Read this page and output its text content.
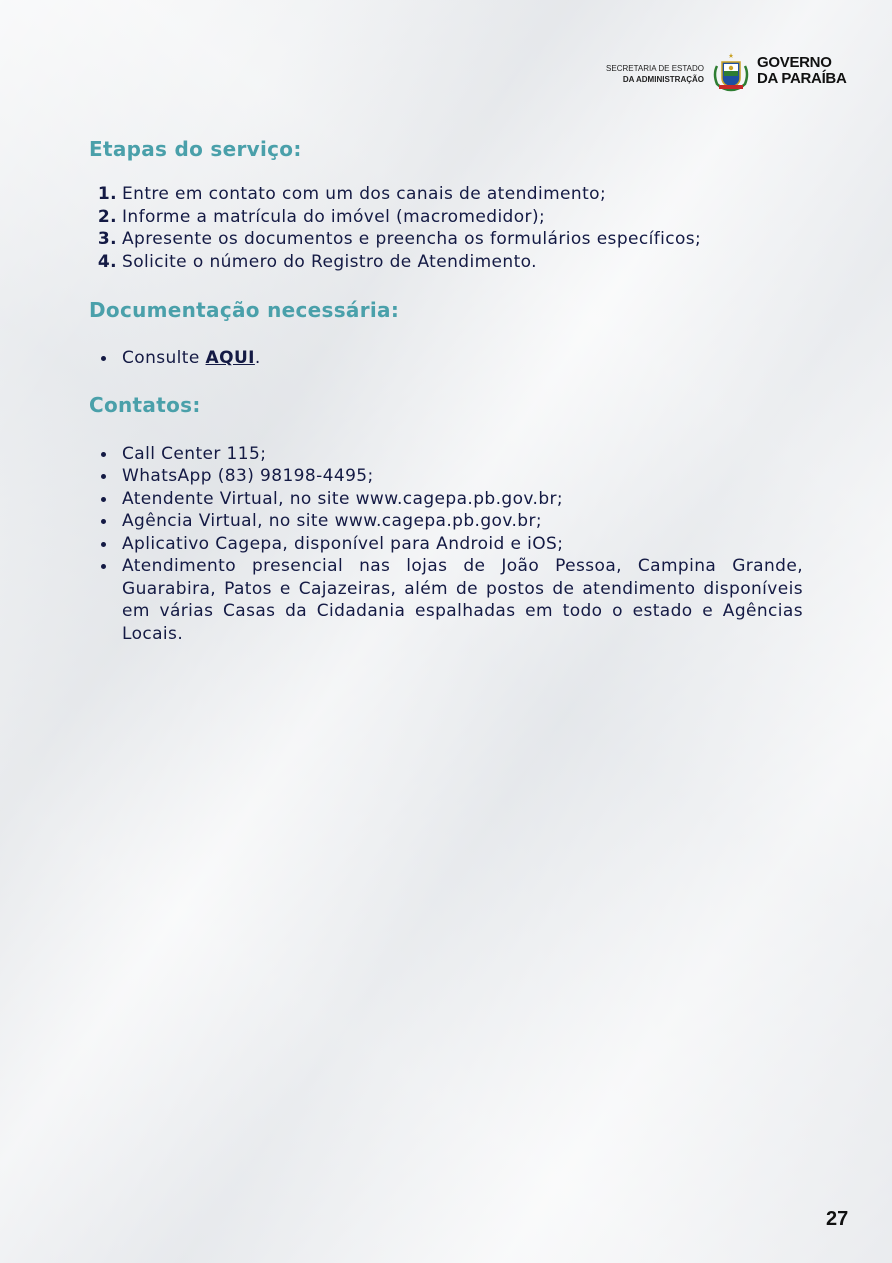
SECRETARIA DE ESTADO
DA ADMINISTRAÇÃO
GOVERNO
DA PARAÍBA
Etapas do serviço:
1. Entre em contato com um dos canais de atendimento;
2. Informe a matrícula do imóvel (macromedidor);
3. Apresente os documentos e preencha os formulários específicos;
4. Solicite o número do Registro de Atendimento.
Documentação necessária:
Consulte AQUI.
Contatos:
Call Center 115;
WhatsApp (83) 98198-4495;
Atendente Virtual, no site www.cagepa.pb.gov.br;
Agência Virtual, no site www.cagepa.pb.gov.br;
Aplicativo Cagepa, disponível para Android e iOS;
Atendimento presencial nas lojas de João Pessoa, Campina Grande, Guarabira, Patos e Cajazeiras, além de postos de atendimento disponíveis em várias Casas da Cidadania espalhadas em todo o estado e Agências Locais.
27
